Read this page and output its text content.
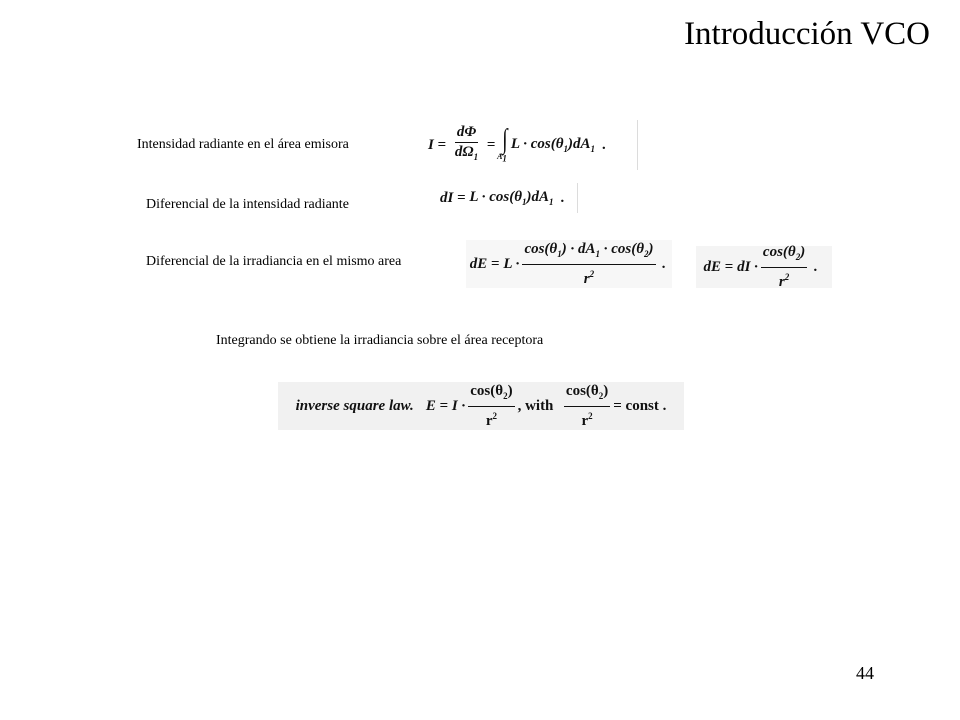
Introducción VCO
Intensidad radiante en el área emisora
Diferencial de la intensidad radiante
Diferencial de la irradiancia en el mismo area
Integrando se obtiene la irradiancia sobre el área receptora
$I = \frac{d\Phi}{d\Omega_1}$ = ∫
$A_1$
$L \cdot \cos(\theta_1)dA_1$
.
dI = $L \cdot \cos(\theta_1)dA_1$
.

dE = $L \cdot \frac{\cos(\theta_1) \cdot dA_1 \cdot \cos(\theta_2)}{r^2}$
.
	dE = dI · $\frac{\cos(\theta_2)}{r^2}$
.
inverse square law. $E = I \cdot \frac{\cos(\theta_2)}{r^2}$ , with
$\frac{\cos(\theta_2)}{r^2}$ = const .
44
